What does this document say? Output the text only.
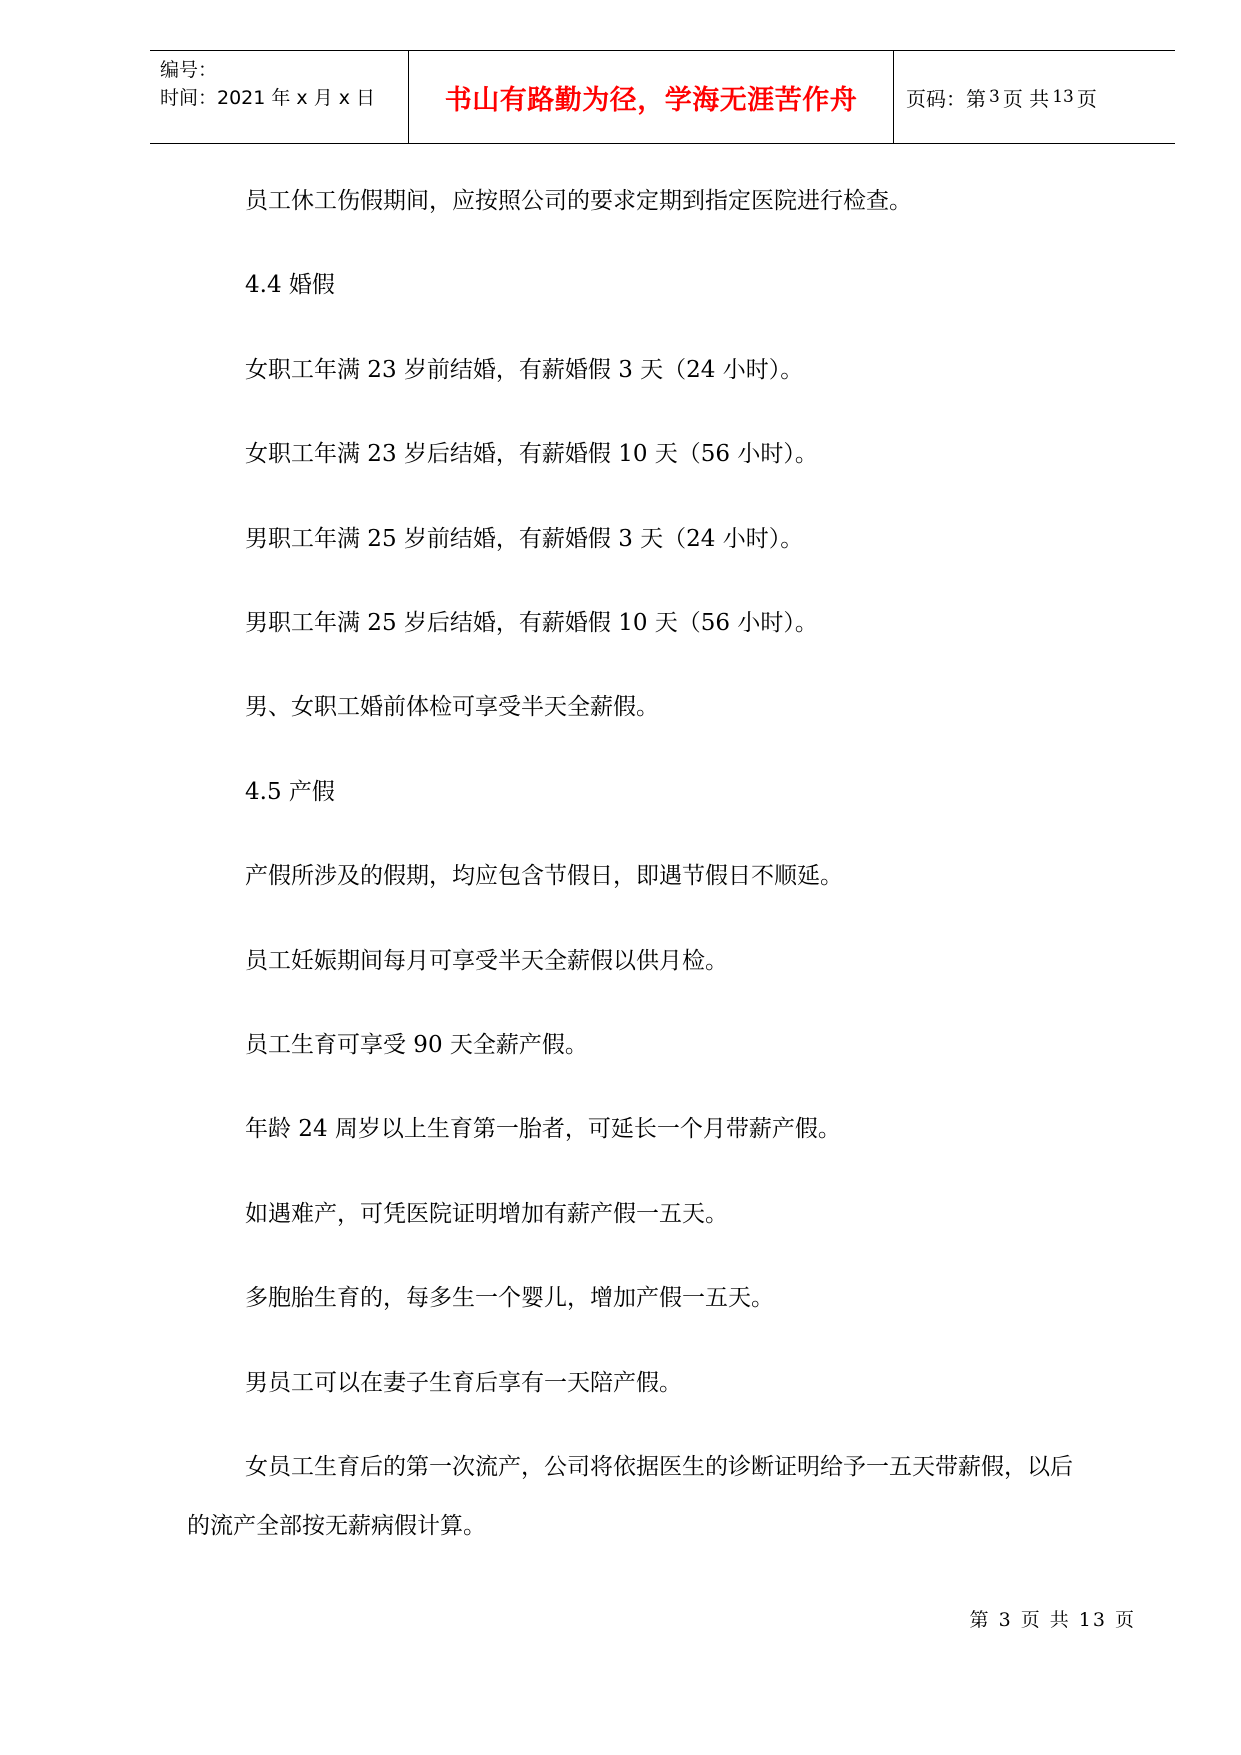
编号：
时间：2021 年 x 月 x 日	书山有路勤为径，学海无涯苦作舟 页码：第 3 页 共 13 页
员工休工伤假期间，应按照公司的要求定期到指定医院进行检查。
4.4 婚假
女职工年满 23 岁前结婚，有薪婚假 3 天（24 小时）。
女职工年满 23 岁后结婚，有薪婚假 10 天（56 小时）。
男职工年满 25 岁前结婚，有薪婚假 3 天（24 小时）。
男职工年满 25 岁后结婚，有薪婚假 10 天（56 小时）。
男、女职工婚前体检可享受半天全薪假。
4.5 产假
产假所涉及的假期，均应包含节假日，即遇节假日不顺延。
员工妊娠期间每月可享受半天全薪假以供月检。
员工生育可享受 90 天全薪产假。
年龄 24 周岁以上生育第一胎者，可延长一个月带薪产假。
如遇难产，可凭医院证明增加有薪产假一五天。
多胞胎生育的，每多生一个婴儿，增加产假一五天。
男员工可以在妻子生育后享有一天陪产假。
女员工生育后的第一次流产，公司将依据医生的诊断证明给予一五天带薪假，以后
的流产全部按无薪病假计算。
第 3 页 共 13 页
